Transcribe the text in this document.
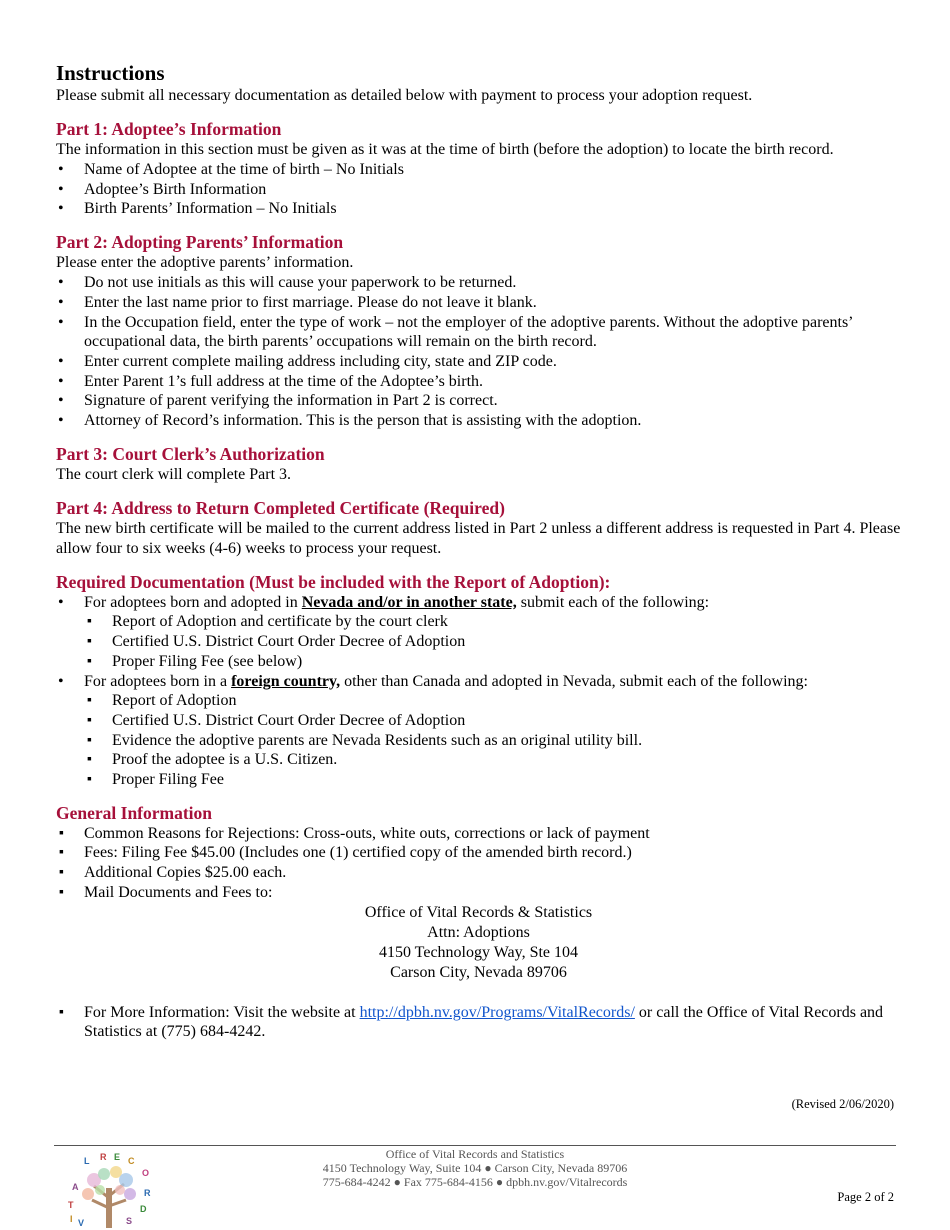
Instructions

Please submit all necessary documentation as detailed below with payment to process your adoption request.

Part 1: Adoptee’s Information

The information in this section must be given as it was at the time of birth (before the adoption) to locate the birth record.

• Name of Adoptee at the time of birth – No Initials
• Adoptee’s Birth Information
• Birth Parents’ Information – No Initials
Part 2: Adopting Parents’ Information

Please enter the adoptive parents’ information.

• Do not use initials as this will cause your paperwork to be returned.
• Enter the last name prior to first marriage. Please do not leave it blank.
• In the Occupation field, enter the type of work – not the employer of the adoptive parents. Without the adoptive parents’ occupational data, the birth parents’ occupations will remain on the birth record.
• Enter current complete mailing address including city, state and ZIP code.
• Enter Parent 1’s full address at the time of the Adoptee’s birth.
• Signature of parent verifying the information in Part 2 is correct.
• Attorney of Record’s information. This is the person that is assisting with the adoption.
Part 3: Court Clerk’s Authorization

The court clerk will complete Part 3.

Part 4: Address to Return Completed Certificate (Required)

The new birth certificate will be mailed to the current address listed in Part 2 unless a different address is requested in Part 4. Please allow four to six weeks (4-6) weeks to process your request.

Required Documentation (Must be included with the Report of Adoption):
• For adoptees born and adopted in Nevada and/or in another state, submit each of the following:
▪ Report of Adoption and certificate by the court clerk
▪ Certified U.S. District Court Order Decree of Adoption
▪ Proper Filing Fee (see below)
• For adoptees born in a foreign country, other than Canada and adopted in Nevada, submit each of the following:
▪ Report of Adoption
▪ Certified U.S. District Court Order Decree of Adoption
▪ Evidence the adoptive parents are Nevada Residents such as an original utility bill.
▪ Proof the adoptee is a U.S. Citizen.
▪ Proper Filing Fee
General Information
▪ Common Reasons for Rejections: Cross-outs, white outs, corrections or lack of payment
▪ Fees: Filing Fee $45.00 (Includes one (1) certified copy of the amended birth record.)
▪ Additional Copies $25.00 each.
▪ Mail Documents and Fees to:

Office of Vital Records & Statistics

Attn: Adoptions

4150 Technology Way, Ste 104

Carson City, Nevada 89706

▪ For More Information: Visit the website at http://dpbh.nv.gov/Programs/VitalRecords/ or call the Office of Vital Records and Statistics at (775) 684-4242.
(Revised 2/06/2020)
A
L R E C
O
R
D
T
I V	S
Office of Vital Records and Statistics
4150 Technology Way, Suite 104 ● Carson City, Nevada 89706
775-684-4242 ● Fax 775-684-4156 ● dpbh.nv.gov/Vitalrecords
Page 2 of 2
